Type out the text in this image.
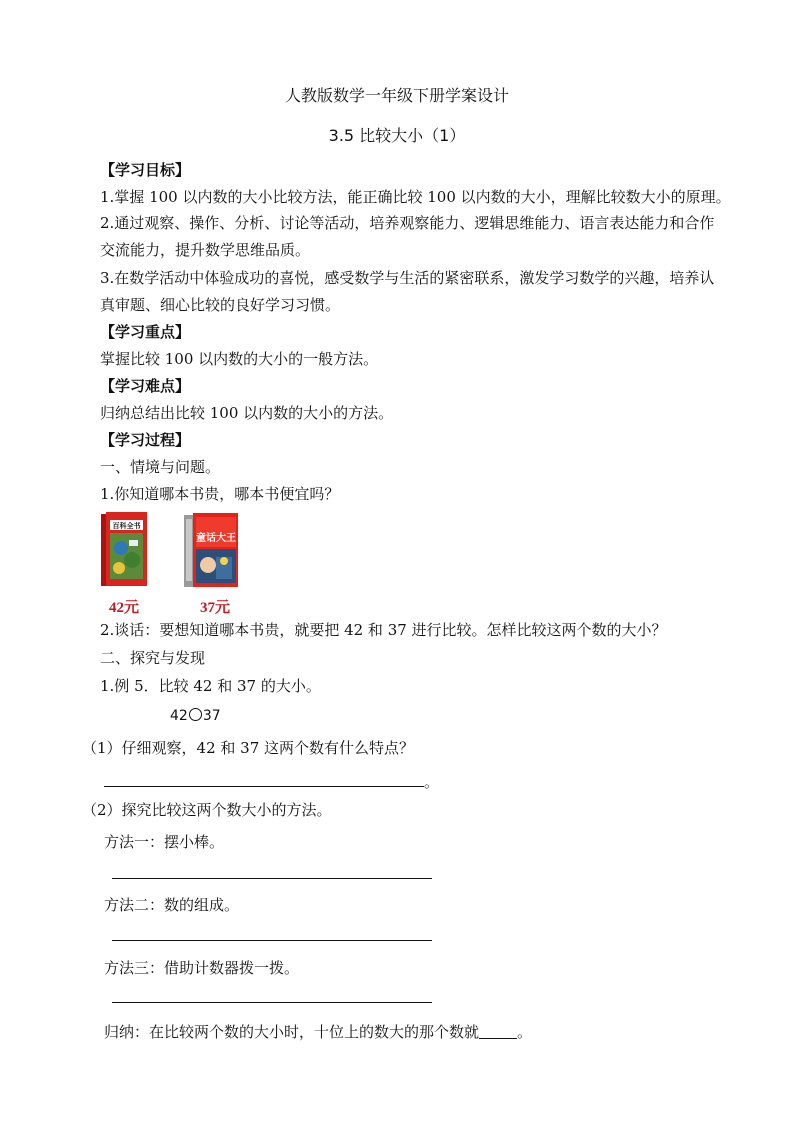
人教版数学一年级下册学案设计
3.5 比较大小（1）
【学习目标】
1.掌握 100 以内数的大小比较方法，能正确比较 100 以内数的大小，理解比较数大小的原理。
2.通过观察、操作、分析、讨论等活动，培养观察能力、逻辑思维能力、语言表达能力和合作
交流能力，提升数学思维品质。
3.在数学活动中体验成功的喜悦，感受数学与生活的紧密联系，激发学习数学的兴趣，培养认
真审题、细心比较的良好学习习惯。
【学习重点】
掌握比较 100 以内数的大小的一般方法。
【学习难点】
归纳总结出比较 100 以内数的大小的方法。
【学习过程】
一、情境与问题。
1.你知道哪本书贵，哪本书便宜吗？
百科全书
42元
童话大王
37元
2.谈话：要想知道哪本书贵，就要把 42 和 37 进行比较。怎样比较这两个数的大小？
二、探究与发现
1.例 5．比较 42 和 37 的大小。
42 37
（1）仔细观察，42 和 37 这两个数有什么特点？
。
（2）探究比较这两个数大小的方法。
方法一：摆小棒。
方法二：数的组成。
方法三：借助计数器拨一拨。
归纳：在比较两个数的大小时，十位上的数大的那个数就	。
